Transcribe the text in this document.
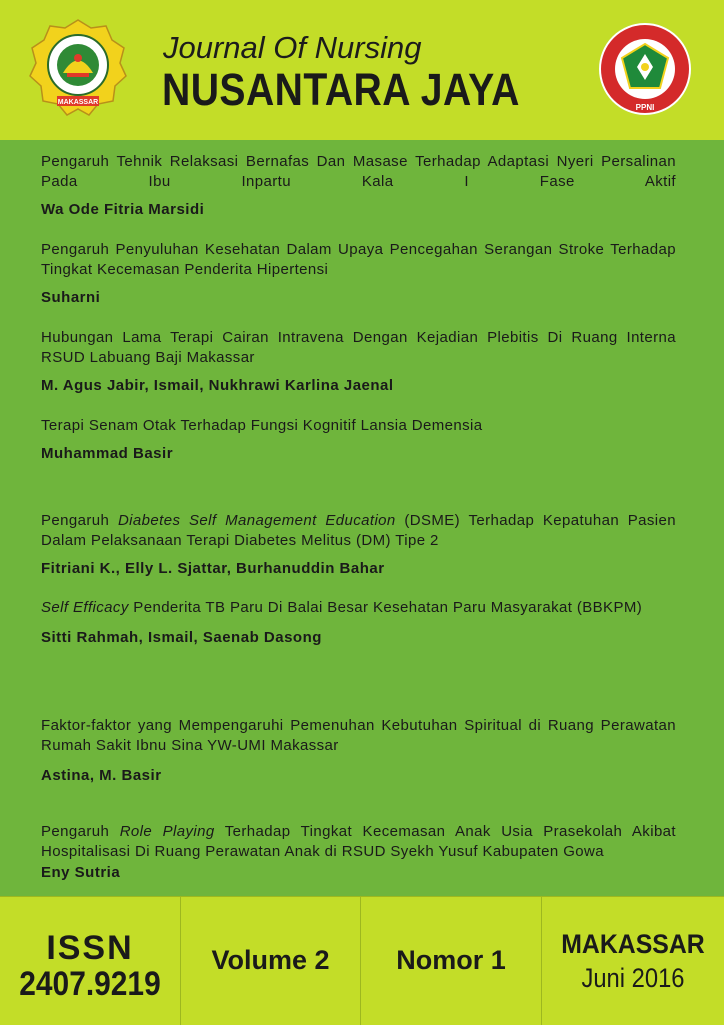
MAKASSAR
Journal Of Nursing
NUSANTARA JAYA	PPNI
Pengaruh Tehnik Relaksasi Bernafas Dan Masase Terhadap Adaptasi Nyeri Persalinan Pada Ibu Inpartu Kala I Fase Aktif
Wa Ode Fitria Marsidi
Pengaruh Penyuluhan Kesehatan Dalam Upaya Pencegahan Serangan Stroke Terhadap Tingkat Kecemasan Penderita Hipertensi
Suharni
Hubungan Lama Terapi Cairan Intravena Dengan Kejadian Plebitis Di Ruang Interna RSUD Labuang Baji Makassar
M. Agus Jabir, Ismail, Nukhrawi Karlina Jaenal
Terapi Senam Otak Terhadap Fungsi Kognitif Lansia Demensia
Muhammad Basir
Pengaruh Diabetes Self Management Education (DSME) Terhadap Kepatuhan Pasien Dalam Pelaksanaan Terapi Diabetes Melitus (DM) Tipe 2
Fitriani K., Elly L. Sjattar, Burhanuddin Bahar
Self Efficacy Penderita TB Paru Di Balai Besar Kesehatan Paru Masyarakat (BBKPM)
Sitti Rahmah, Ismail, Saenab Dasong
Faktor-faktor yang Mempengaruhi Pemenuhan Kebutuhan Spiritual di Ruang Perawatan Rumah Sakit Ibnu Sina YW-UMI Makassar
Astina, M. Basir
Pengaruh Role Playing Terhadap Tingkat Kecemasan Anak Usia Prasekolah Akibat Hospitalisasi Di Ruang Perawatan Anak di RSUD Syekh Yusuf Kabupaten Gowa
Eny Sutria
ISSN
2407.9219
Volume 2	Nomor 1
MAKASSAR
Juni 2016
